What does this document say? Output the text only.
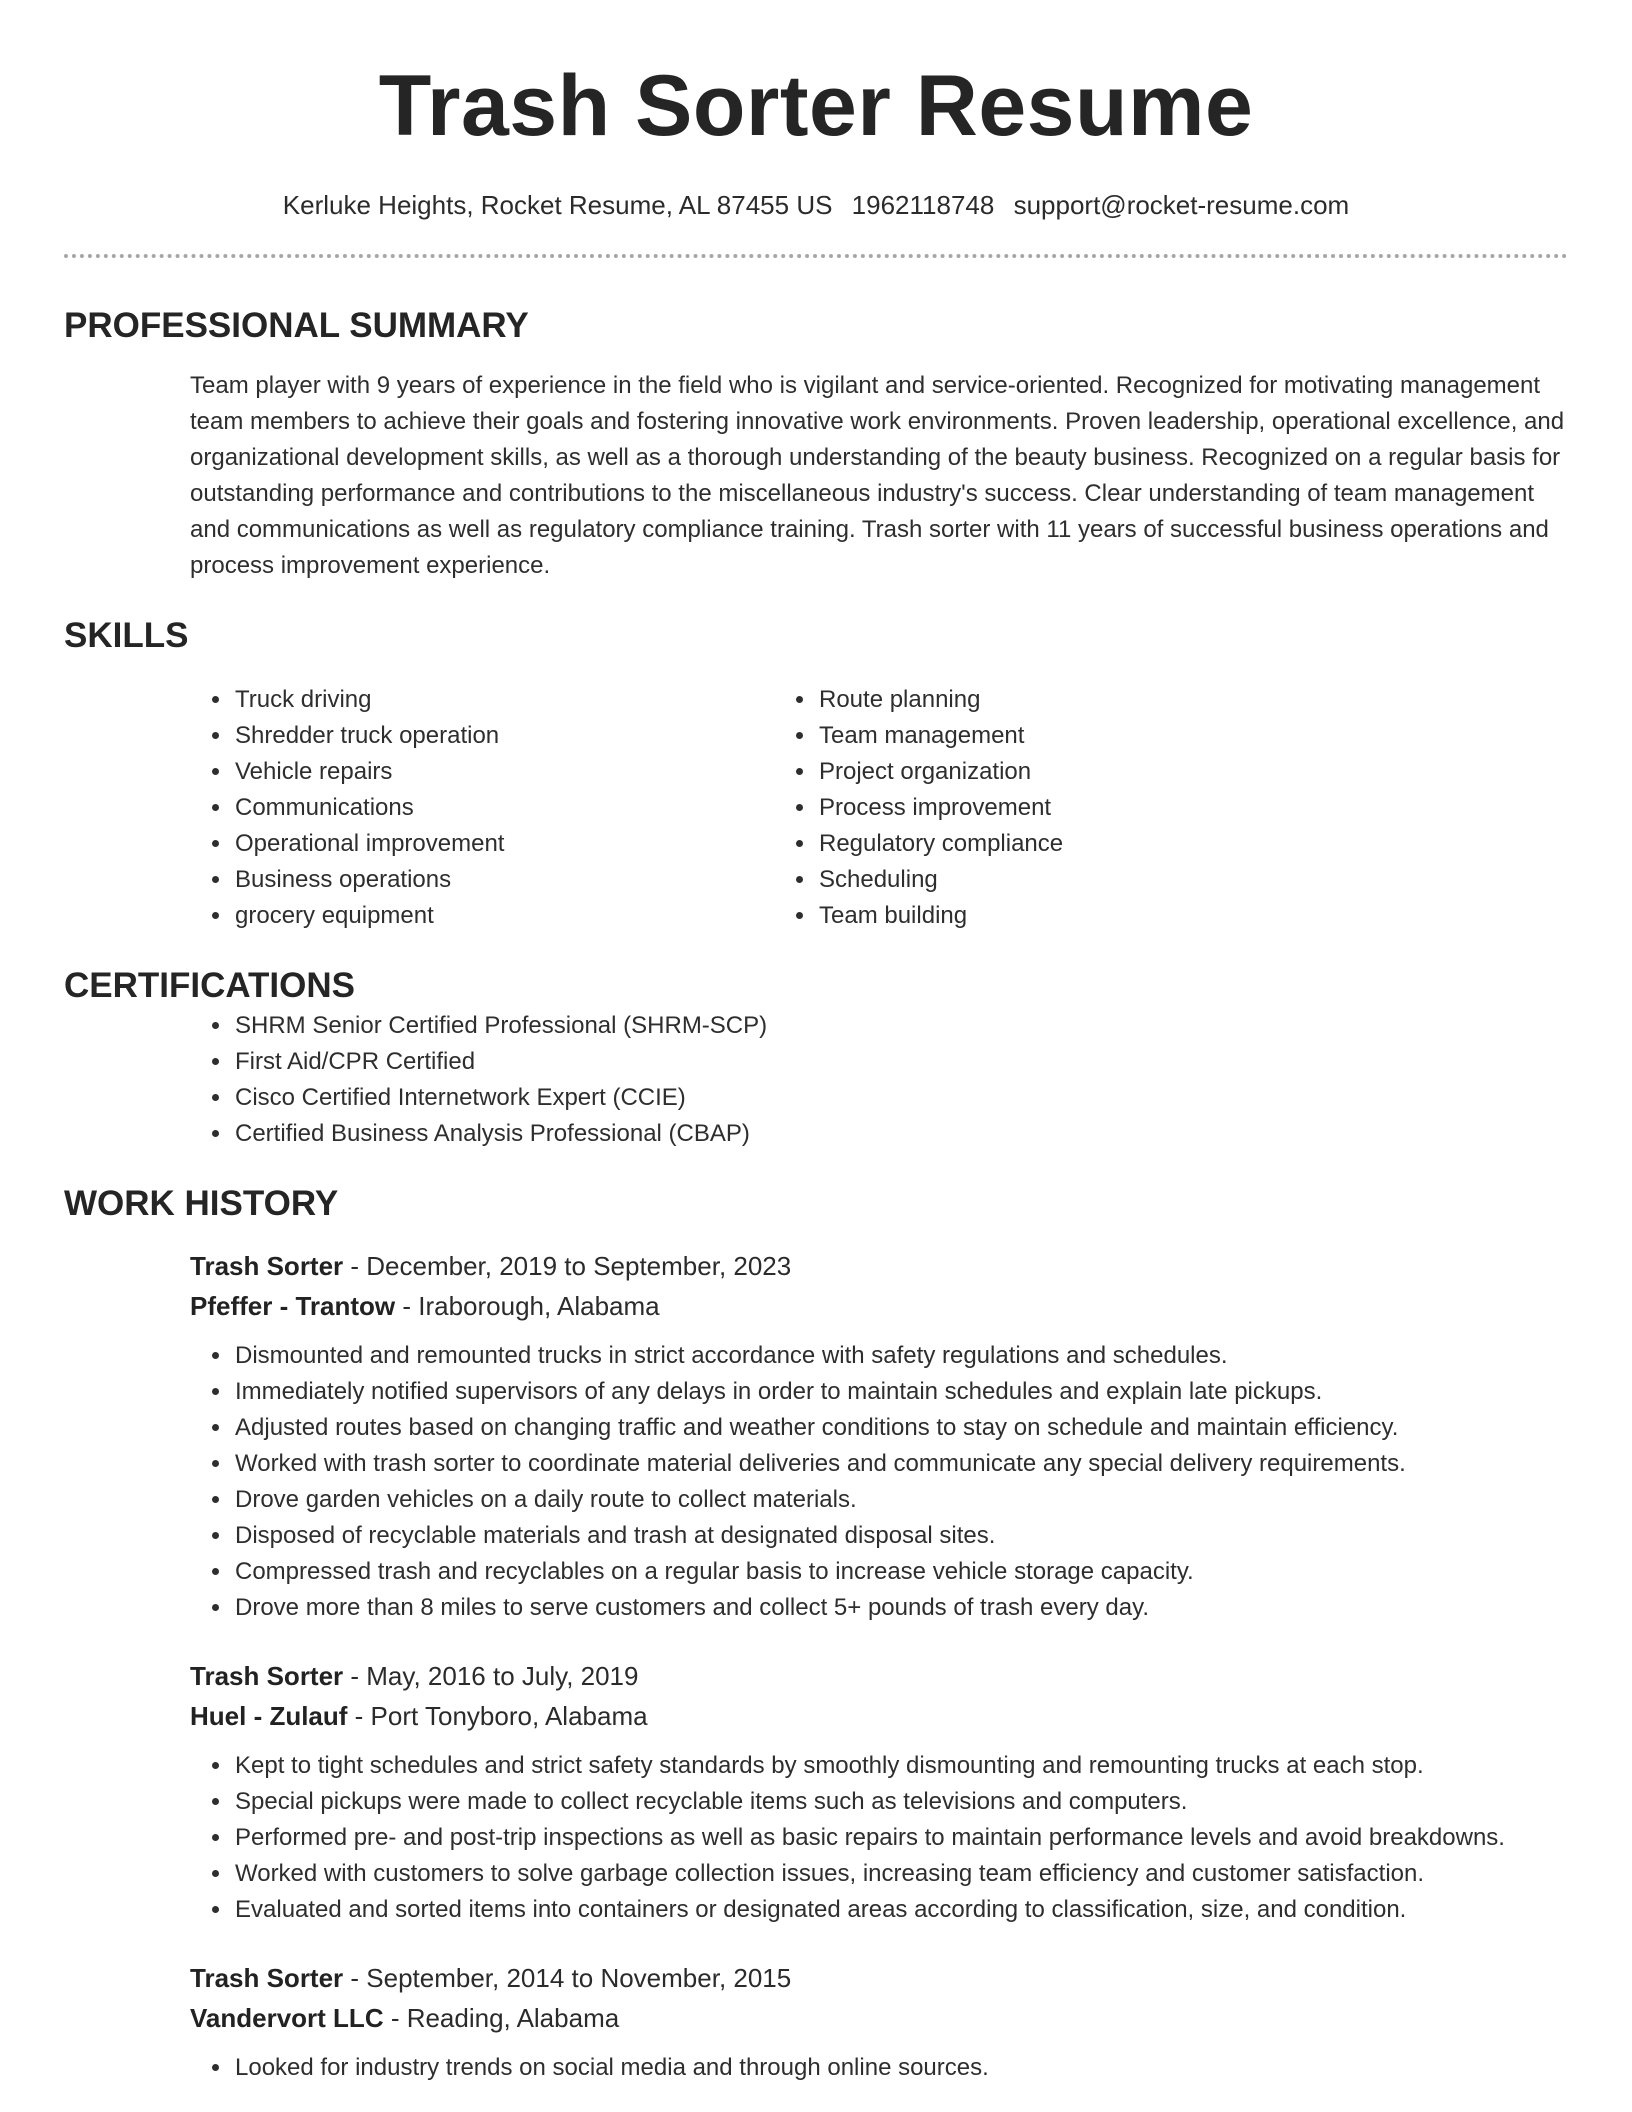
Trash Sorter Resume
Kerluke Heights, Rocket Resume, AL 87455 US 1962118748 support@rocket-resume.com
PROFESSIONAL SUMMARY

Team player with 9 years of experience in the field who is vigilant and service-oriented. Recognized for motivating management team members to achieve their goals and fostering innovative work environments. Proven leadership, operational excellence, and organizational development skills, as well as a thorough understanding of the beauty business. Recognized on a regular basis for outstanding performance and contributions to the miscellaneous industry's success. Clear understanding of team management and communications as well as regulatory compliance training. Trash sorter with 11 years of successful business operations and process improvement experience.

SKILLS
• Truck driving
• Shredder truck operation
• Vehicle repairs
• Communications
• Operational improvement
• Business operations
• grocery equipment
• Route planning
• Team management
• Project organization
• Process improvement
• Regulatory compliance
• Scheduling
• Team building
CERTIFICATIONS
• SHRM Senior Certified Professional (SHRM-SCP)
• First Aid/CPR Certified
• Cisco Certified Internetwork Expert (CCIE)
• Certified Business Analysis Professional (CBAP)
WORK HISTORY
Trash Sorter - December, 2019 to September, 2023
Pfeffer - Trantow - Iraborough, Alabama
• Dismounted and remounted trucks in strict accordance with safety regulations and schedules.
• Immediately notified supervisors of any delays in order to maintain schedules and explain late pickups.
• Adjusted routes based on changing traffic and weather conditions to stay on schedule and maintain efficiency.
• Worked with trash sorter to coordinate material deliveries and communicate any special delivery requirements.
• Drove garden vehicles on a daily route to collect materials.
• Disposed of recyclable materials and trash at designated disposal sites.
• Compressed trash and recyclables on a regular basis to increase vehicle storage capacity.
• Drove more than 8 miles to serve customers and collect 5+ pounds of trash every day.
Trash Sorter - May, 2016 to July, 2019
Huel - Zulauf - Port Tonyboro, Alabama
• Kept to tight schedules and strict safety standards by smoothly dismounting and remounting trucks at each stop.
• Special pickups were made to collect recyclable items such as televisions and computers.
• Performed pre- and post-trip inspections as well as basic repairs to maintain performance levels and avoid breakdowns.
• Worked with customers to solve garbage collection issues, increasing team efficiency and customer satisfaction.
• Evaluated and sorted items into containers or designated areas according to classification, size, and condition.
Trash Sorter - September, 2014 to November, 2015
Vandervort LLC - Reading, Alabama
• Looked for industry trends on social media and through online sources.
